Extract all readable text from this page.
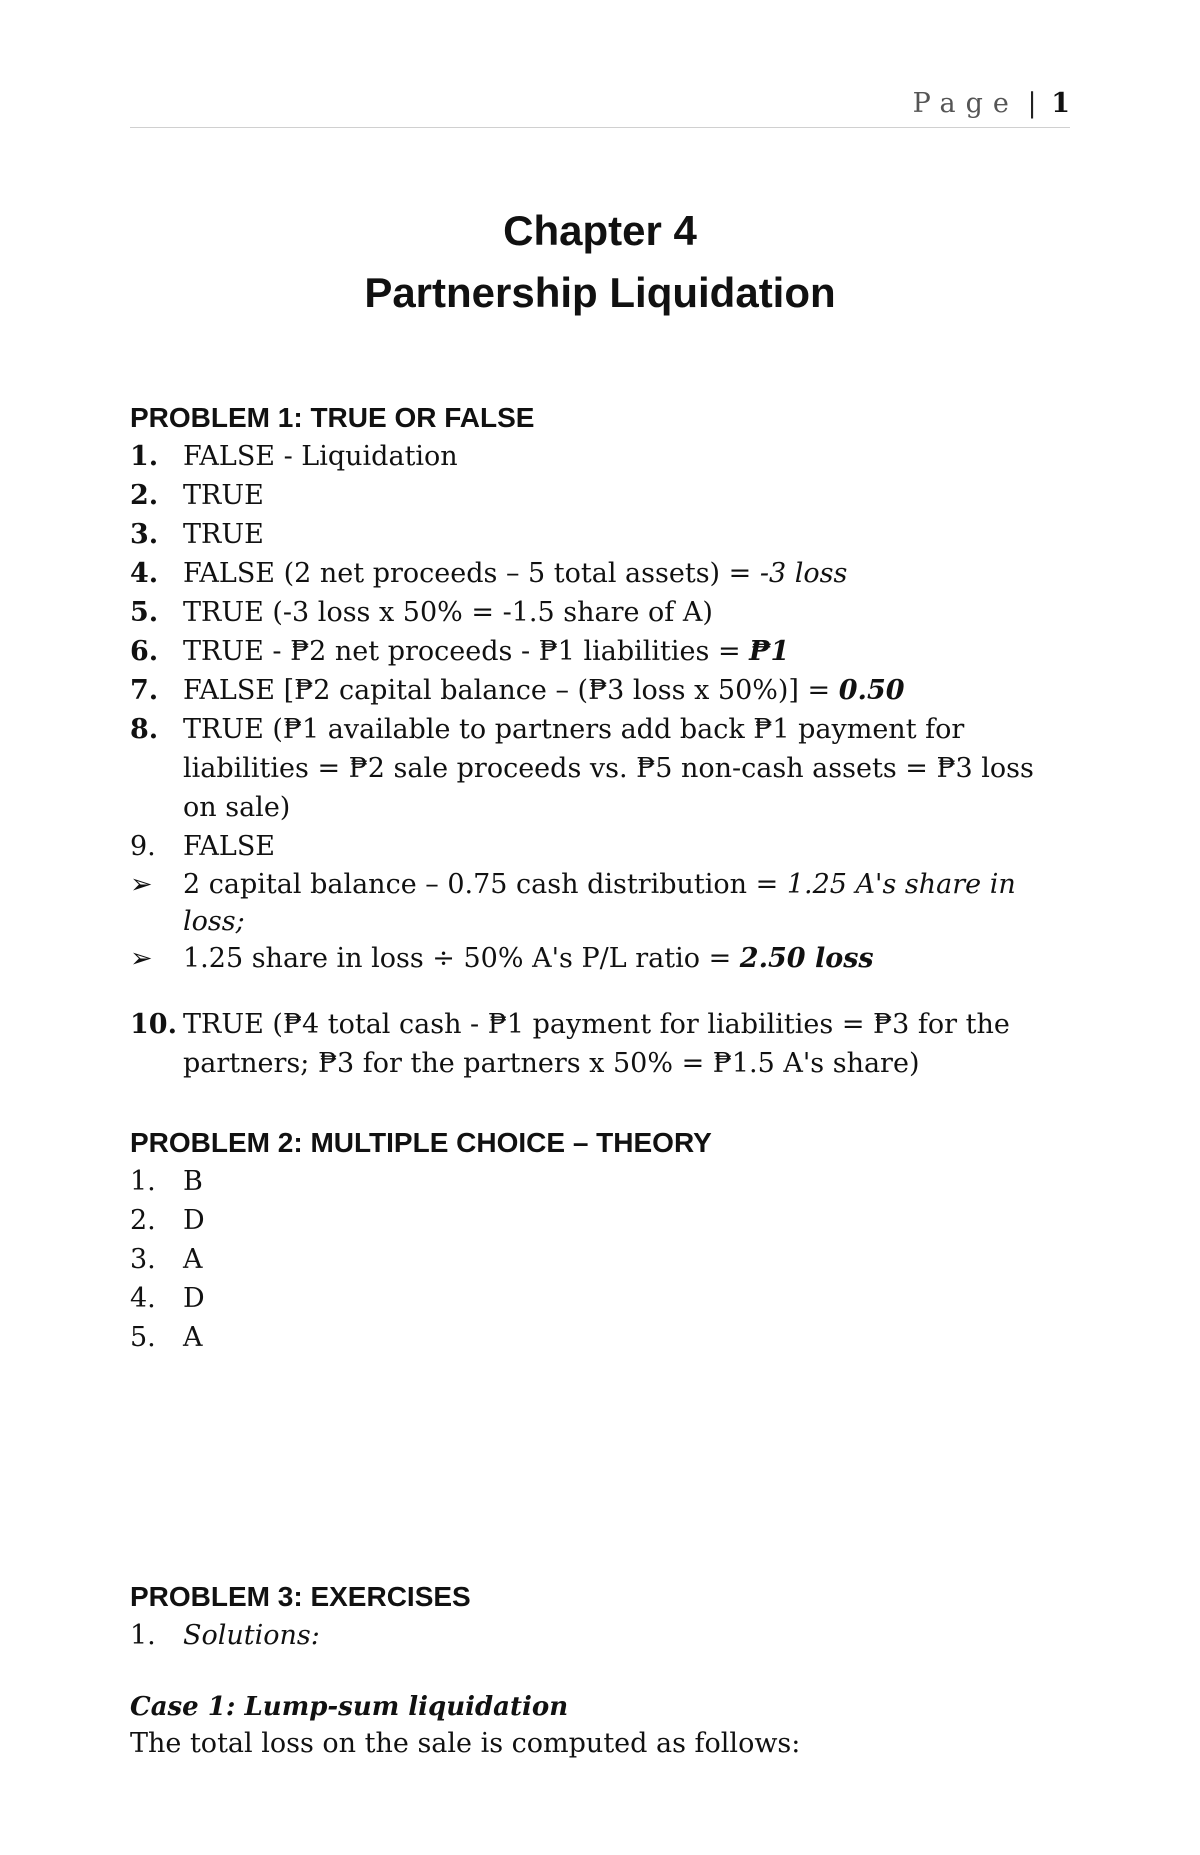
Page | 1
Chapter 4
Partnership Liquidation
PROBLEM 1: TRUE OR FALSE
1. FALSE - Liquidation
2. TRUE
3. TRUE
4. FALSE (2 net proceeds – 5 total assets) = -3 loss
5. TRUE (-3 loss x 50% = -1.5 share of A)
6. TRUE - ₱2 net proceeds - ₱1 liabilities = ₱1
7. FALSE [₱2 capital balance – (₱3 loss x 50%)] = 0.50
8. TRUE (₱1 available to partners add back ₱1 payment for liabilities = ₱2 sale proceeds vs. ₱5 non-cash assets = ₱3 loss on sale)
9.	FALSE
➢	2 capital balance – 0.75 cash distribution = 1.25 A's share in loss;
➢	1.25 share in loss ÷ 50% A's P/L ratio = 2.50 loss
10. TRUE (₱4 total cash - ₱1 payment for liabilities = ₱3 for the partners; ₱3 for the partners x 50% = ₱1.5 A's share)
PROBLEM 2: MULTIPLE CHOICE – THEORY
1.	B
2.	D
3.	A
4.	D
5.	A
PROBLEM 3: EXERCISES
1.	Solutions:
Case 1: Lump-sum liquidation
The total loss on the sale is computed as follows:
